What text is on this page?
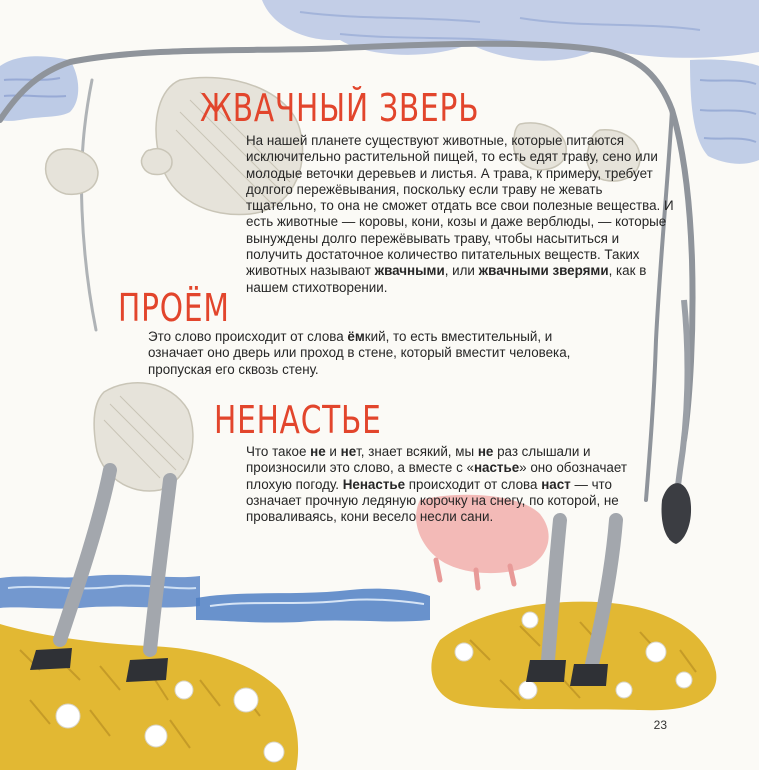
ЖВАЧНЫЙ ЗВЕРЬ

На нашей планете существуют животные, которые питаются исключительно растительной пищей, то есть едят траву, сено или молодые веточки деревьев и листья. А трава, к примеру, требует долгого пережёвывания, поскольку если траву не жевать тщательно, то она не сможет отдать все свои полезные вещества. И есть животные — коровы, кони, козы и даже верблюды, — которые вынуждены долго пережёвывать траву, чтобы насытиться и получить достаточное количество питательных веществ. Таких животных называют жвачными, или жвачными зверями, как в нашем стихотворении.

ПРОЁМ

Это слово происходит от слова ёмкий, то есть вместительный, и означает оно дверь или проход в стене, который вместит человека, пропуская его сквозь стену.

НЕНАСТЬЕ

Что такое не и нет, знает всякий, мы не раз слышали и произносили это слово, а вместе с «настье» оно обозначает плохую погоду. Ненастье происходит от слова наст — что означает прочную ледяную корочку на снегу, по которой, не проваливаясь, кони весело несли сани.

23
